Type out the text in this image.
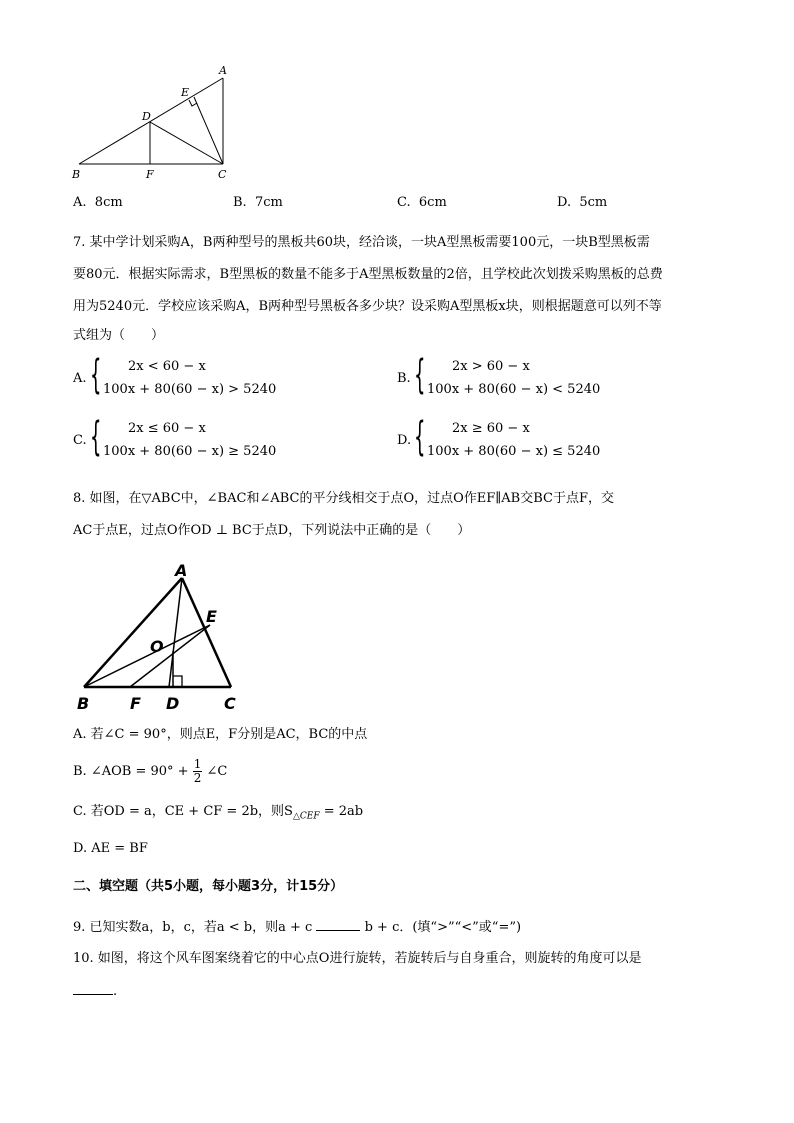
A
E
D
B	F	C
A. 8cm	B. 7cm	C. 6cm	D. 5cm
7. 某中学计划采购A，B两种型号的黑板共60块，经洽谈，一块A型黑板需要100元，一块B型黑板需
要80元．根据实际需求，B型黑板的数量不能多于A型黑板数量的2倍，且学校此次划拨采购黑板的总费
用为5240元．学校应该采购A，B两种型号黑板各多少块？设采购A型黑板x块，则根据题意可以列不等
式组为（　　）
A. { 2x < 60 − x
100x + 80(60 − x) > 5240
B. { 2x > 60 − x
100x + 80(60 − x) < 5240
C. { 2x ≤ 60 − x
100x + 80(60 − x) ≥ 5240
D. { 2x ≥ 60 − x
100x + 80(60 − x) ≤ 5240
8. 如图，在▽ABC中，∠BAC和∠ABC的平分线相交于点O，过点O作EF∥AB交BC于点F，交
AC于点E，过点O作OD ⊥ BC于点D，下列说法中正确的是（　　）
A
E
O
B	F D	C
A. 若∠C = 90°，则点E，F分别是AC，BC的中点
B. ∠AOB = $90^\circ + \frac{1}{2}$ ∠C
C. 若OD = a，CE + CF = 2b，则$S_{\triangle CEF} = 2ab$
D. AE = BF
二、填空题（共5小题，每小题3分，计15分）
9. 已知实数a，b，c，若a < b，则a + c	b + c．(填“>”“<”或“=”)
10. 如图，将这个风车图案绕着它的中心点O进行旋转，若旋转后与自身重合，则旋转的角度可以是
.
